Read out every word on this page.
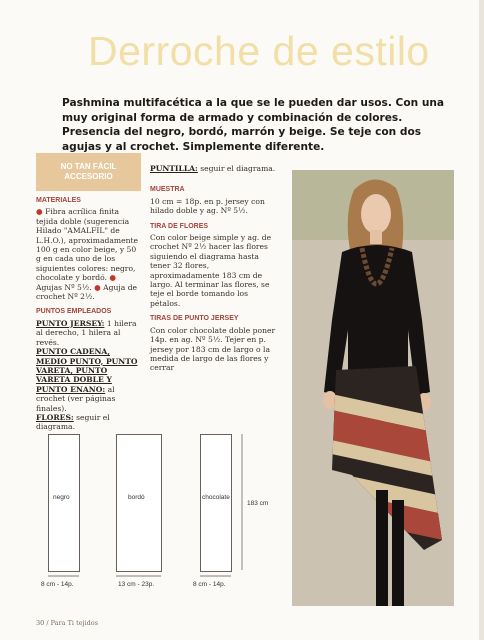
Derroche de estilo
Pashmina multifacética a la que se le pueden dar usos. Con una muy original forma de armado y combinación de colores. Presencia del negro, bordó, marrón y beige. Se teje con dos agujas y al crochet. Simplemente diferente.
NO TAN FÁCIL
ACCESORIO
MATERIALES

● Fibra acrílica finita tejida doble (sugerencia Hilado "AMALFIL" de L.H.O.), aproximadamente 100 g en color beige, y 50 g en cada uno de los siguientes colores: negro, chocolate y bordó. ● Agujas Nº 5½. ● Aguja de crochet Nº 2½.

PUNTOS EMPLEADOS

PUNTO JERSEY: 1 hilera al derecho, 1 hilera al revés.

PUNTO CADENA, MEDIO PUNTO, PUNTO VARETA, PUNTO VARETA DOBLE Y PUNTO ENANO: al crochet (ver páginas finales).

FLORES: seguir el diagrama.

PUNTILLA: seguir el diagrama.

MUESTRA

10 cm = 18p. en p. jersey con hilado doble y ag. Nº 5½.

TIRA DE FLORES

Con color beige simple y ag. de crochet Nº 2½ hacer las flores siguiendo el diagrama hasta tener 32 flores, aproximadamente 183 cm de largo. Al terminar las flores, se teje el borde tomando los pétalos.

TIRAS DE PUNTO JERSEY

Con color chocolate doble poner 14p. en ag. Nº 5½. Tejer en p. jersey por 183 cm de largo o la medida de largo de las flores y cerrar

negro
8 cm - 14p.
bordó
13 cm - 23p.
chocolate
8 cm - 14p.
183 cm
30 / Para Ti tejidos
